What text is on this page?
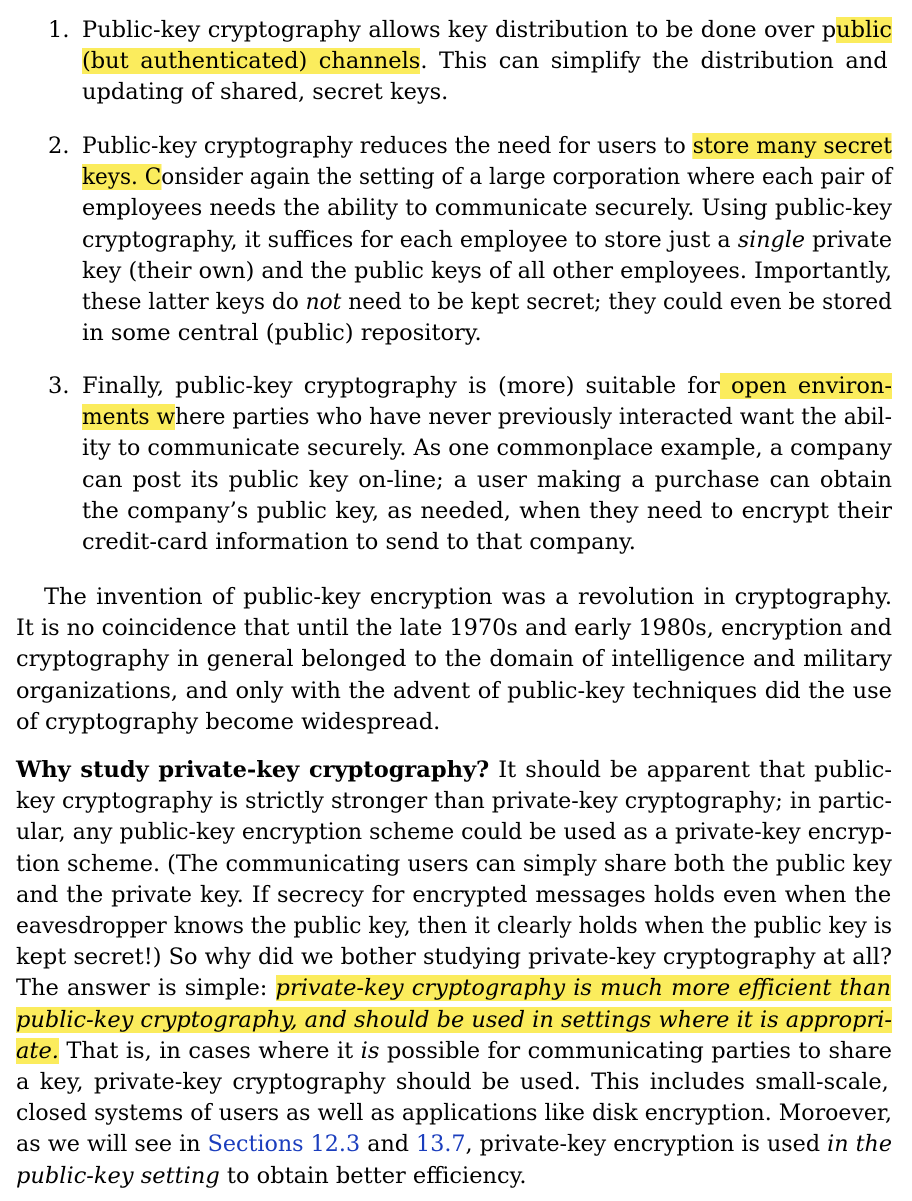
1. Public-key cryptography allows key distribution to be done over public
(but authenticated) channels. This can simplify the distribution and
updating of shared, secret keys.
2. Public-key cryptography reduces the need for users to store many secret
keys. Consider again the setting of a large corporation where each pair of
employees needs the ability to communicate securely. Using public-key
cryptography, it suffices for each employee to store just a single private
key (their own) and the public keys of all other employees. Importantly,
these latter keys do not need to be kept secret; they could even be stored
in some central (public) repository.
3. Finally, public-key cryptography is (more) suitable for open environ-
ments where parties who have never previously interacted want the abil-
ity to communicate securely. As one commonplace example, a company
can post its public key on-line; a user making a purchase can obtain
the company’s public key, as needed, when they need to encrypt their
credit-card information to send to that company.
The invention of public-key encryption was a revolution in cryptography.
It is no coincidence that until the late 1970s and early 1980s, encryption and
cryptography in general belonged to the domain of intelligence and military
organizations, and only with the advent of public-key techniques did the use
of cryptography become widespread.
Why study private-key cryptography? It should be apparent that public-
key cryptography is strictly stronger than private-key cryptography; in partic-
ular, any public-key encryption scheme could be used as a private-key encryp-
tion scheme. (The communicating users can simply share both the public key
and the private key. If secrecy for encrypted messages holds even when the
eavesdropper knows the public key, then it clearly holds when the public key is
kept secret!) So why did we bother studying private-key cryptography at all?
The answer is simple: private-key cryptography is much more efficient than
public-key cryptography, and should be used in settings where it is appropri-
ate. That is, in cases where it is possible for communicating parties to share
a key, private-key cryptography should be used. This includes small-scale,
closed systems of users as well as applications like disk encryption. Moroever,
as we will see in Sections 12.3 and 13.7, private-key encryption is used in the
public-key setting to obtain better efficiency.
